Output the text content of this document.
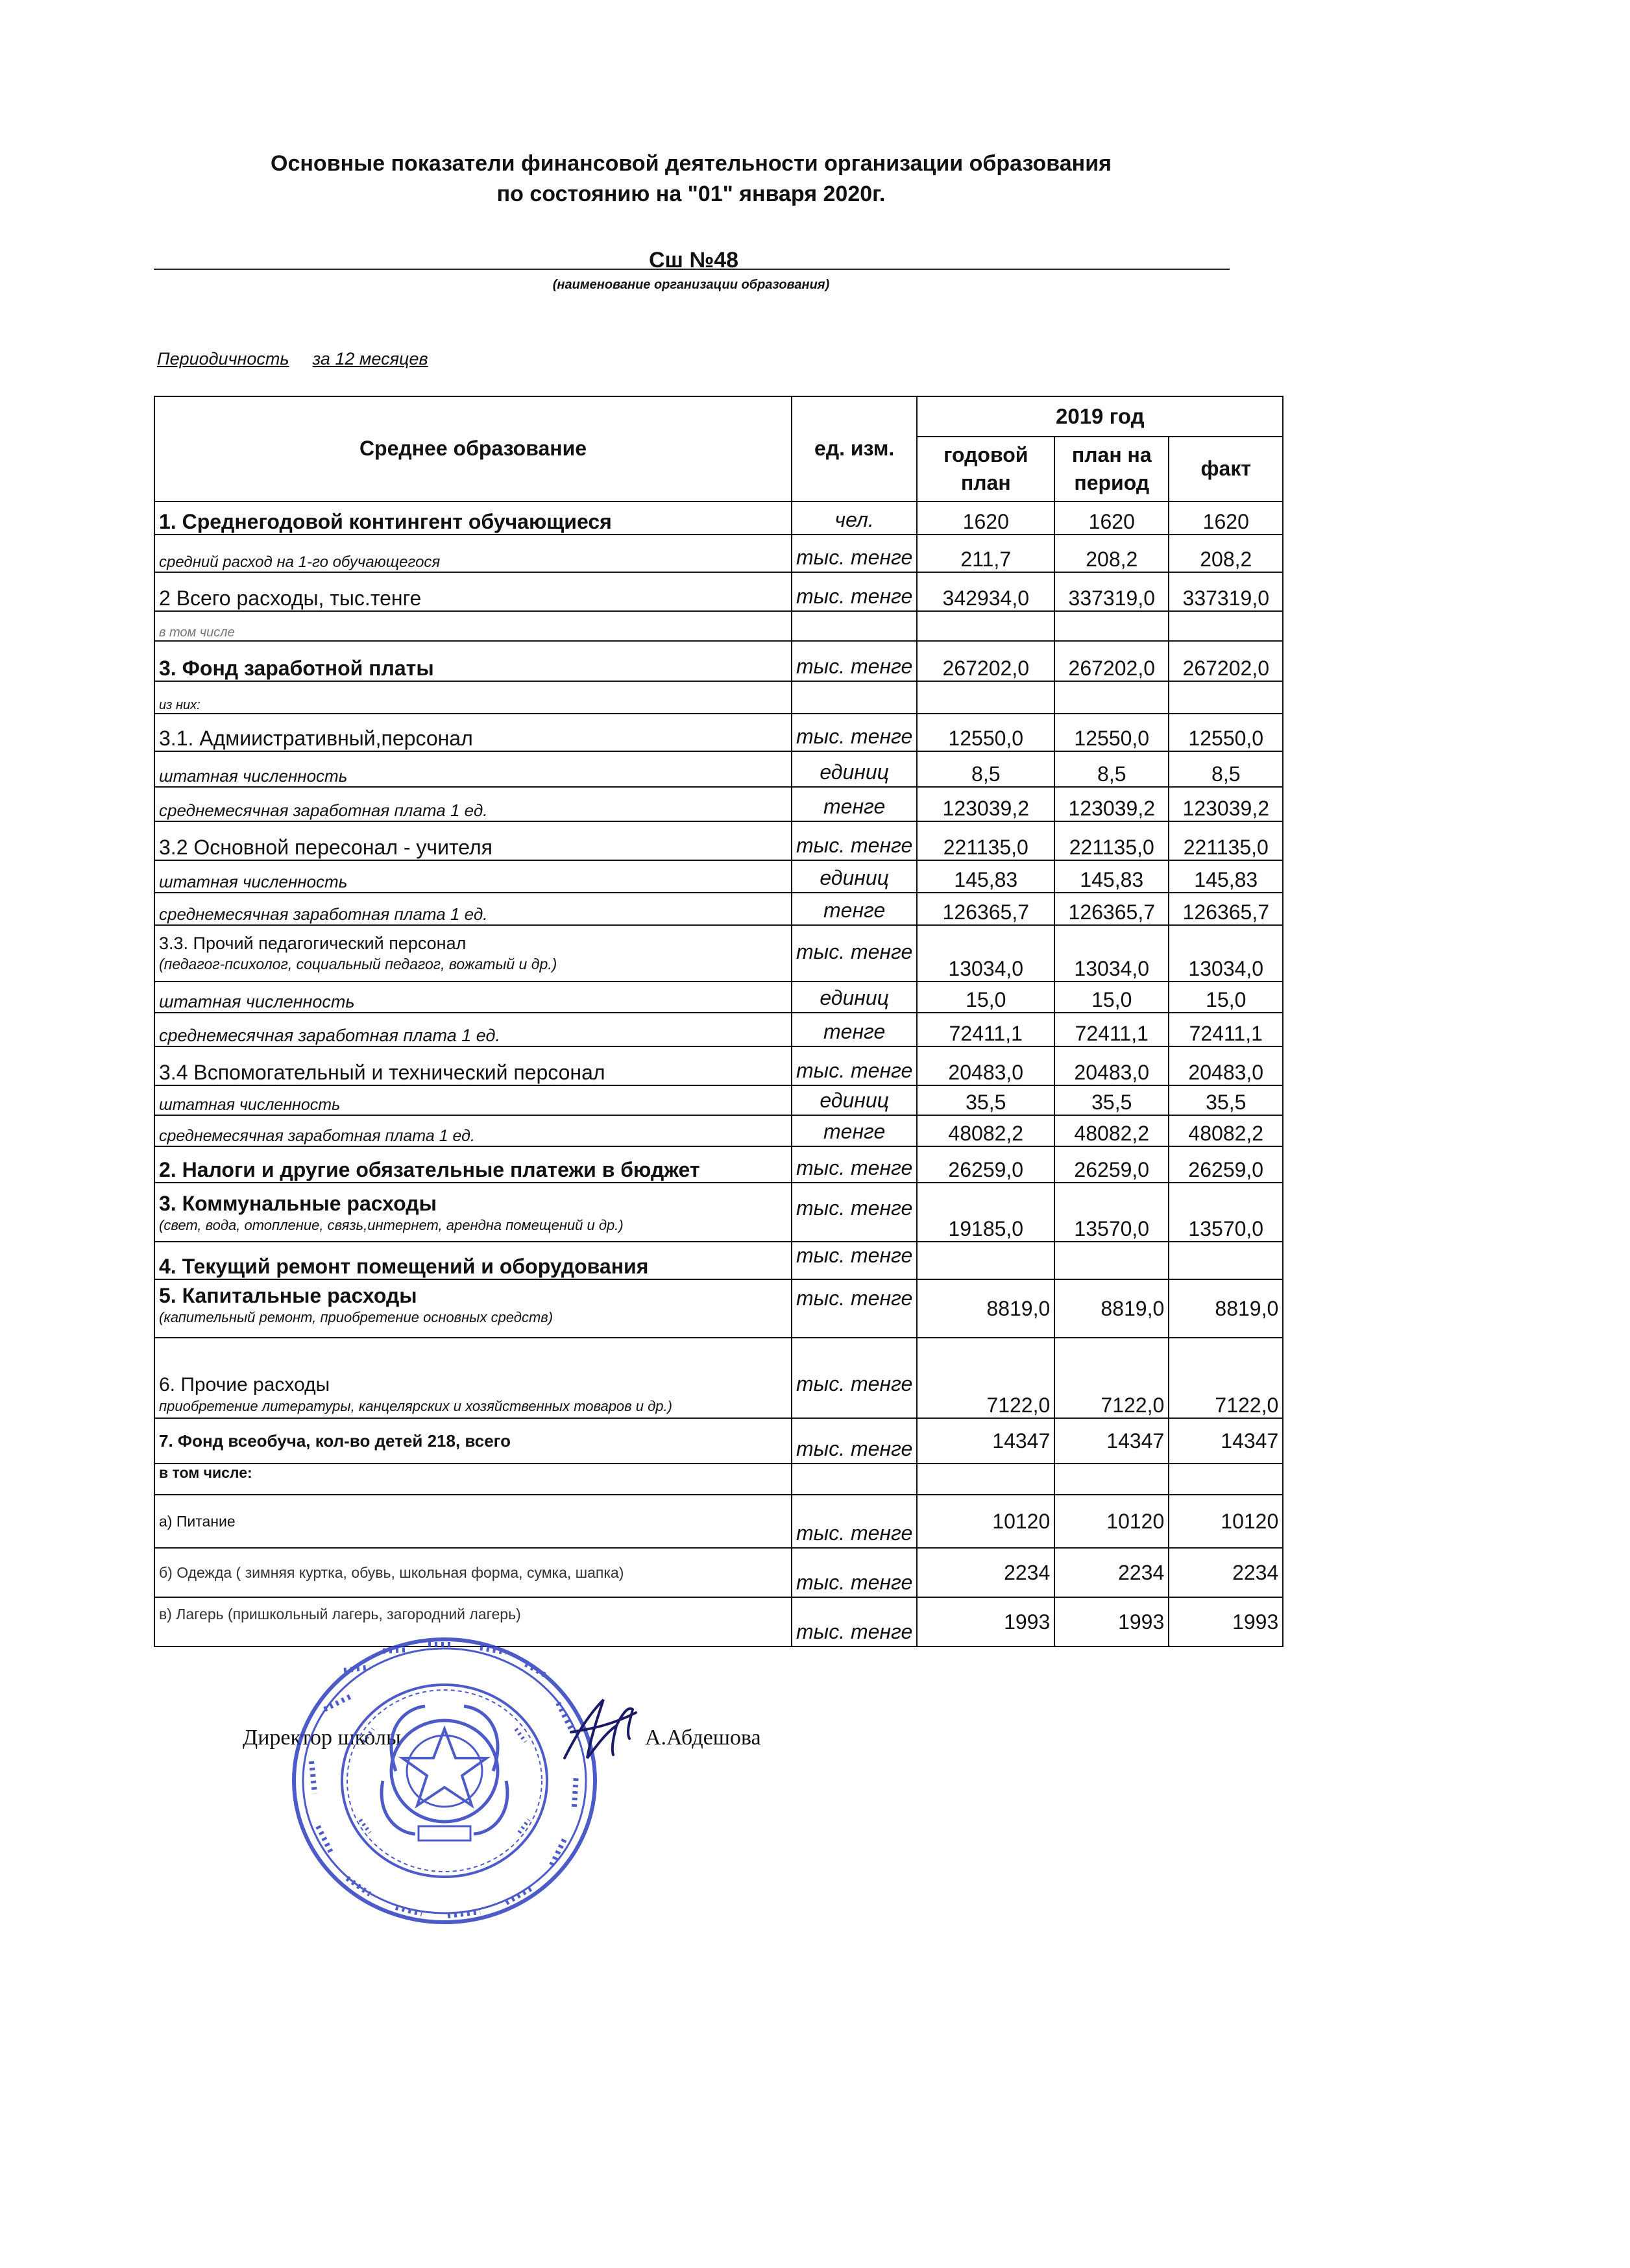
Основные показатели финансовой деятельности организации образования
по состоянию на "01" января 2020г.
Сш №48
(наименование организации образования)
Периодичность за 12 месяцев
Среднее образование	ед. изм.	2019 год		
		годовой план	план на период	факт
1. Среднегодовой контингент обучающиеся	чел.	1620	1620	1620
средний расход на 1-го обучающегося	тыс. тенге	211,7	208,2	208,2
2 Всего расходы, тыс.тенге	тыс. тенге	342934,0	337319,0	337319,0
в том числе				
3. Фонд заработной платы	тыс. тенге	267202,0	267202,0	267202,0
из них:				
3.1. Адмиистративный,персонал	тыс. тенге	12550,0	12550,0	12550,0
штатная численность	единиц	8,5	8,5	8,5
среднемесячная заработная плата 1 ед.	тенге	123039,2	123039,2	123039,2
3.2 Основной пересонал - учителя	тыс. тенге	221135,0	221135,0	221135,0
штатная численность	единиц	145,83	145,83	145,83
среднемесячная заработная плата 1 ед.	тенге	126365,7	126365,7	126365,7
3.3. Прочий педагогический персонал
(педагог-психолог, социальный педагог, вожатый и др.)	тыс. тенге	13034,0	13034,0	13034,0
штатная численность	единиц	15,0	15,0	15,0
среднемесячная заработная плата 1 ед.	тенге	72411,1	72411,1	72411,1
3.4 Вспомогательный и технический персонал	тыс. тенге	20483,0	20483,0	20483,0
штатная численность	единиц	35,5	35,5	35,5
среднемесячная заработная плата 1 ед.	тенге	48082,2	48082,2	48082,2
2. Налоги и другие обязательные платежи в бюджет	тыс. тенге	26259,0	26259,0	26259,0
3. Коммунальные расходы
(свет, вода, отопление, связь,интернет, арендна помещений и др.)	тыс. тенге	19185,0	13570,0	13570,0
4. Текущий ремонт помещений и оборудования	тыс. тенге			
5. Капитальные расходы
(капительный ремонт, приобретение основных средств)	тыс. тенге	8819,0	8819,0	8819,0
6. Прочие расходы
приобретение литературы, канцелярских и хозяйственных товаров и др.)	тыс. тенге	7122,0	7122,0	7122,0
7. Фонд всеобуча, кол-во детей 218, всего	тыс. тенге	14347	14347	14347
в том числе:				
а) Питание	тыс. тенге	10120	10120	10120
б) Одежда ( зимняя куртка, обувь, школьная форма, сумка, шапка)	тыс. тенге	2234	2234	2234
в) Лагерь (пришкольный лагерь, загородний лагерь)	тыс. тенге	1993	1993	1993
Директор школы	А.Абдешова
